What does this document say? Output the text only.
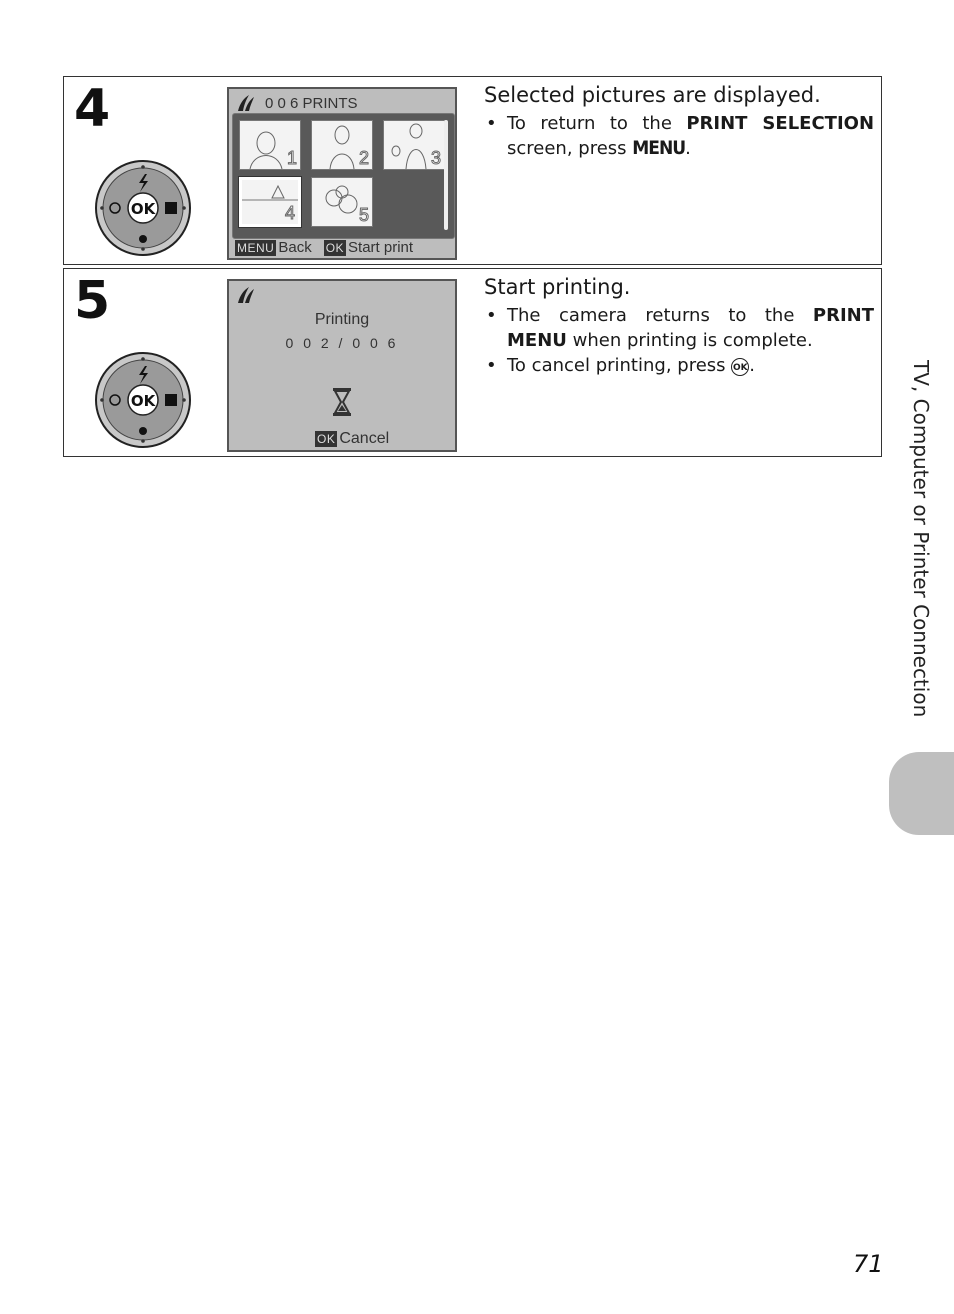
4
OK
0 0 6 PRINTS
1	2	3
4	5
MENU Back OK Start print
Selected pictures are displayed.
• To return to the PRINT SELECTION screen, press MENU.
5
OK
Printing
0 0 2 / 0 0 6
OK Cancel
Start printing.
• The camera returns to the PRINT MENU when printing is complete.
• To cancel printing, press OK.	TV, Computer or Printer Connection
71
